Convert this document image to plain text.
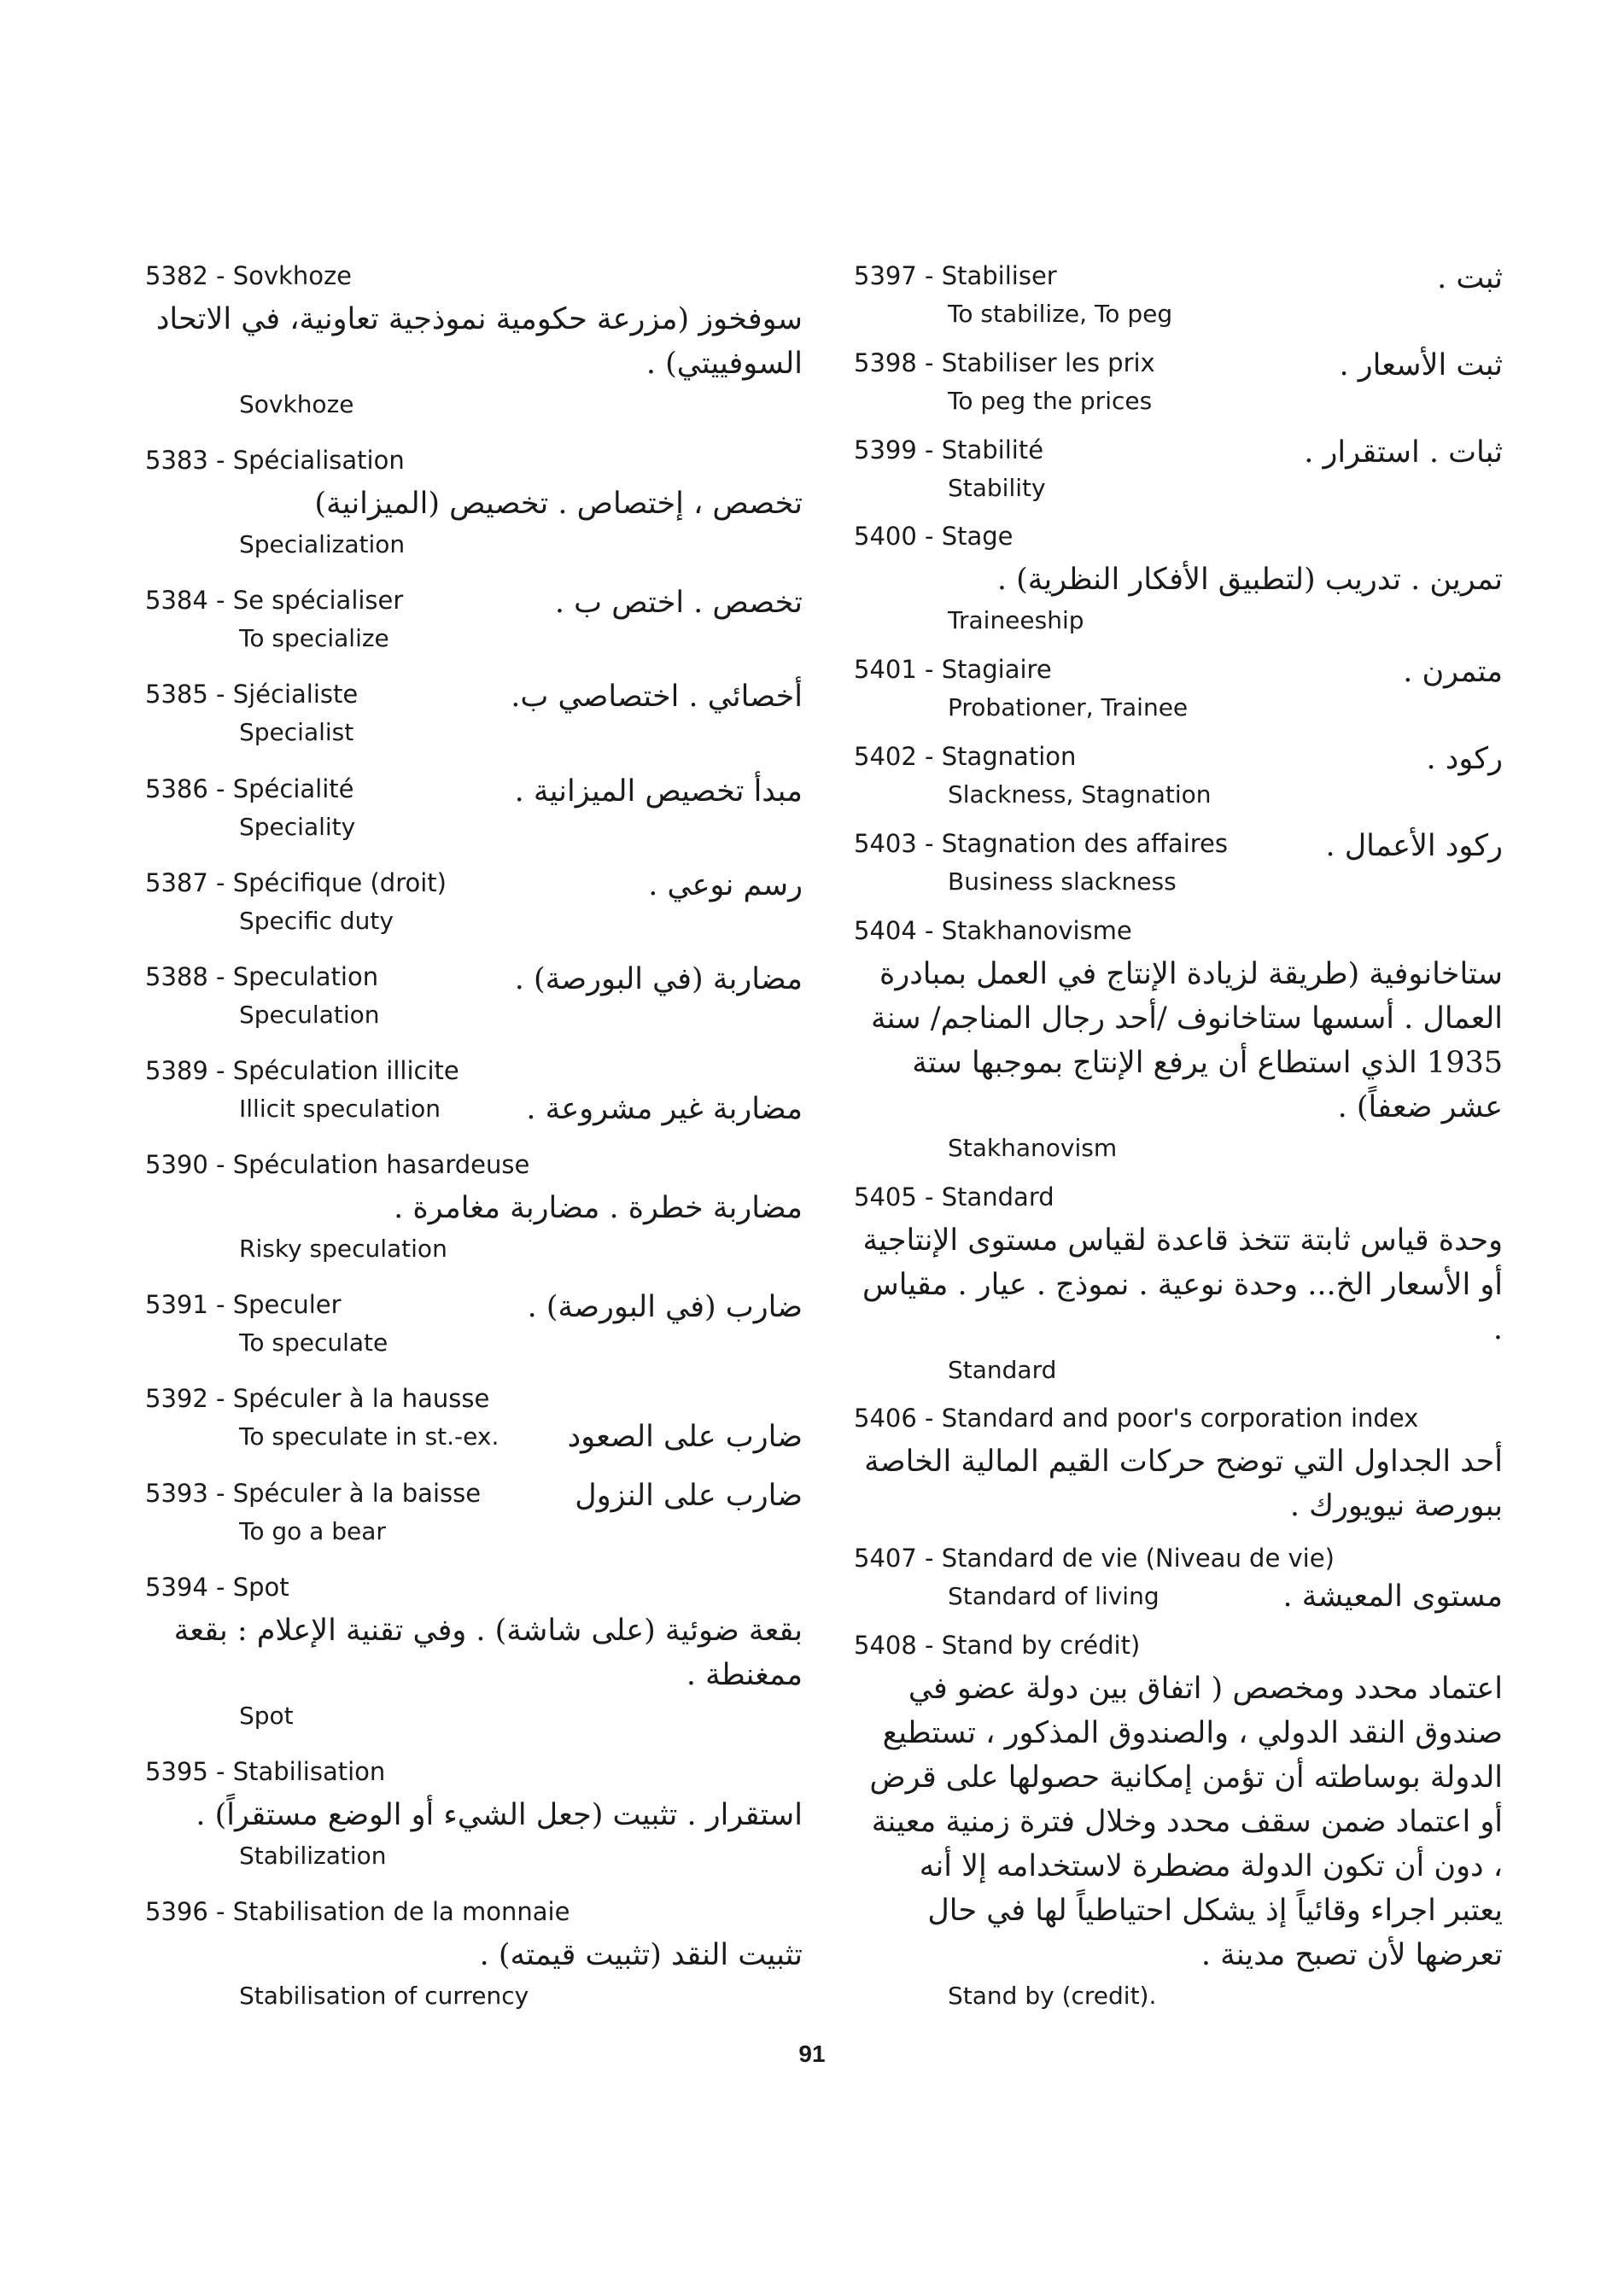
5382 - Sovkhoze
سوفخوز (مزرعة حكومية نموذجية تعاونية، في الاتحاد السوفييتي) .
Sovkhoze
5383 - Spécialisation
تخصص ، إختصاص . تخصيص (الميزانية)
Specialization
5384 - Se spécialiser	تخصص . اختص ب .
To specialize
5385 - Sjécialiste	أخصائي . اختصاصي ب.
Specialist
5386 - Spécialité	مبدأ تخصيص الميزانية .
Speciality
5387 - Spécifique (droit)	رسم نوعي .
Specific duty
5388 - Speculation	مضاربة (في البورصة) .
Speculation
5389 - Spéculation illicite
Illicit speculation	مضاربة غير مشروعة .
5390 - Spéculation hasardeuse
مضاربة خطرة . مضاربة مغامرة .
Risky speculation
5391 - Speculer	ضارب (في البورصة) .
To speculate
5392 - Spéculer à la hausse
To speculate in st.-ex.	ضارب على الصعود
5393 - Spéculer à la baisse	ضارب على النزول
To go a bear
5394 - Spot
بقعة ضوئية (على شاشة) . وفي تقنية الإعلام : بقعة ممغنطة .
Spot
5395 - Stabilisation
استقرار . تثبيت (جعل الشيء أو الوضع مستقراً) .
Stabilization
5396 - Stabilisation de la monnaie
تثبيت النقد (تثبيت قيمته) .
Stabilisation of currency
5397 - Stabiliser	ثبت .
To stabilize, To peg
5398 - Stabiliser les prix	ثبت الأسعار .
To peg the prices
5399 - Stabilité	ثبات . استقرار .
Stability
5400 - Stage
تمرين . تدريب (لتطبيق الأفكار النظرية) .
Traineeship
5401 - Stagiaire	متمرن .
Probationer, Trainee
5402 - Stagnation	ركود .
Slackness, Stagnation
5403 - Stagnation des affaires	ركود الأعمال .
Business slackness
5404 - Stakhanovisme
ستاخانوفية (طريقة لزيادة الإنتاج في العمل بمبادرة العمال . أسسها ستاخانوف /أحد رجال المناجم/ سنة 1935 الذي استطاع أن يرفع الإنتاج بموجبها ستة عشر ضعفاً) .
Stakhanovism
5405 - Standard
وحدة قياس ثابتة تتخذ قاعدة لقياس مستوى الإنتاجية أو الأسعار الخ... وحدة نوعية . نموذج . عيار . مقياس .
Standard
5406 - Standard and poor's corporation index
أحد الجداول التي توضح حركات القيم المالية الخاصة ببورصة نيويورك .
5407 - Standard de vie (Niveau de vie)
Standard of living	مستوى المعيشة .
5408 - Stand by crédit)
اعتماد محدد ومخصص ( اتفاق بين دولة عضو في صندوق النقد الدولي ، والصندوق المذكور ، تستطيع الدولة بوساطته أن تؤمن إمكانية حصولها على قرض أو اعتماد ضمن سقف محدد وخلال فترة زمنية معينة ، دون أن تكون الدولة مضطرة لاستخدامه إلا أنه يعتبر اجراء وقائياً إذ يشكل احتياطياً لها في حال تعرضها لأن تصبح مدينة .
Stand by (credit).
91
